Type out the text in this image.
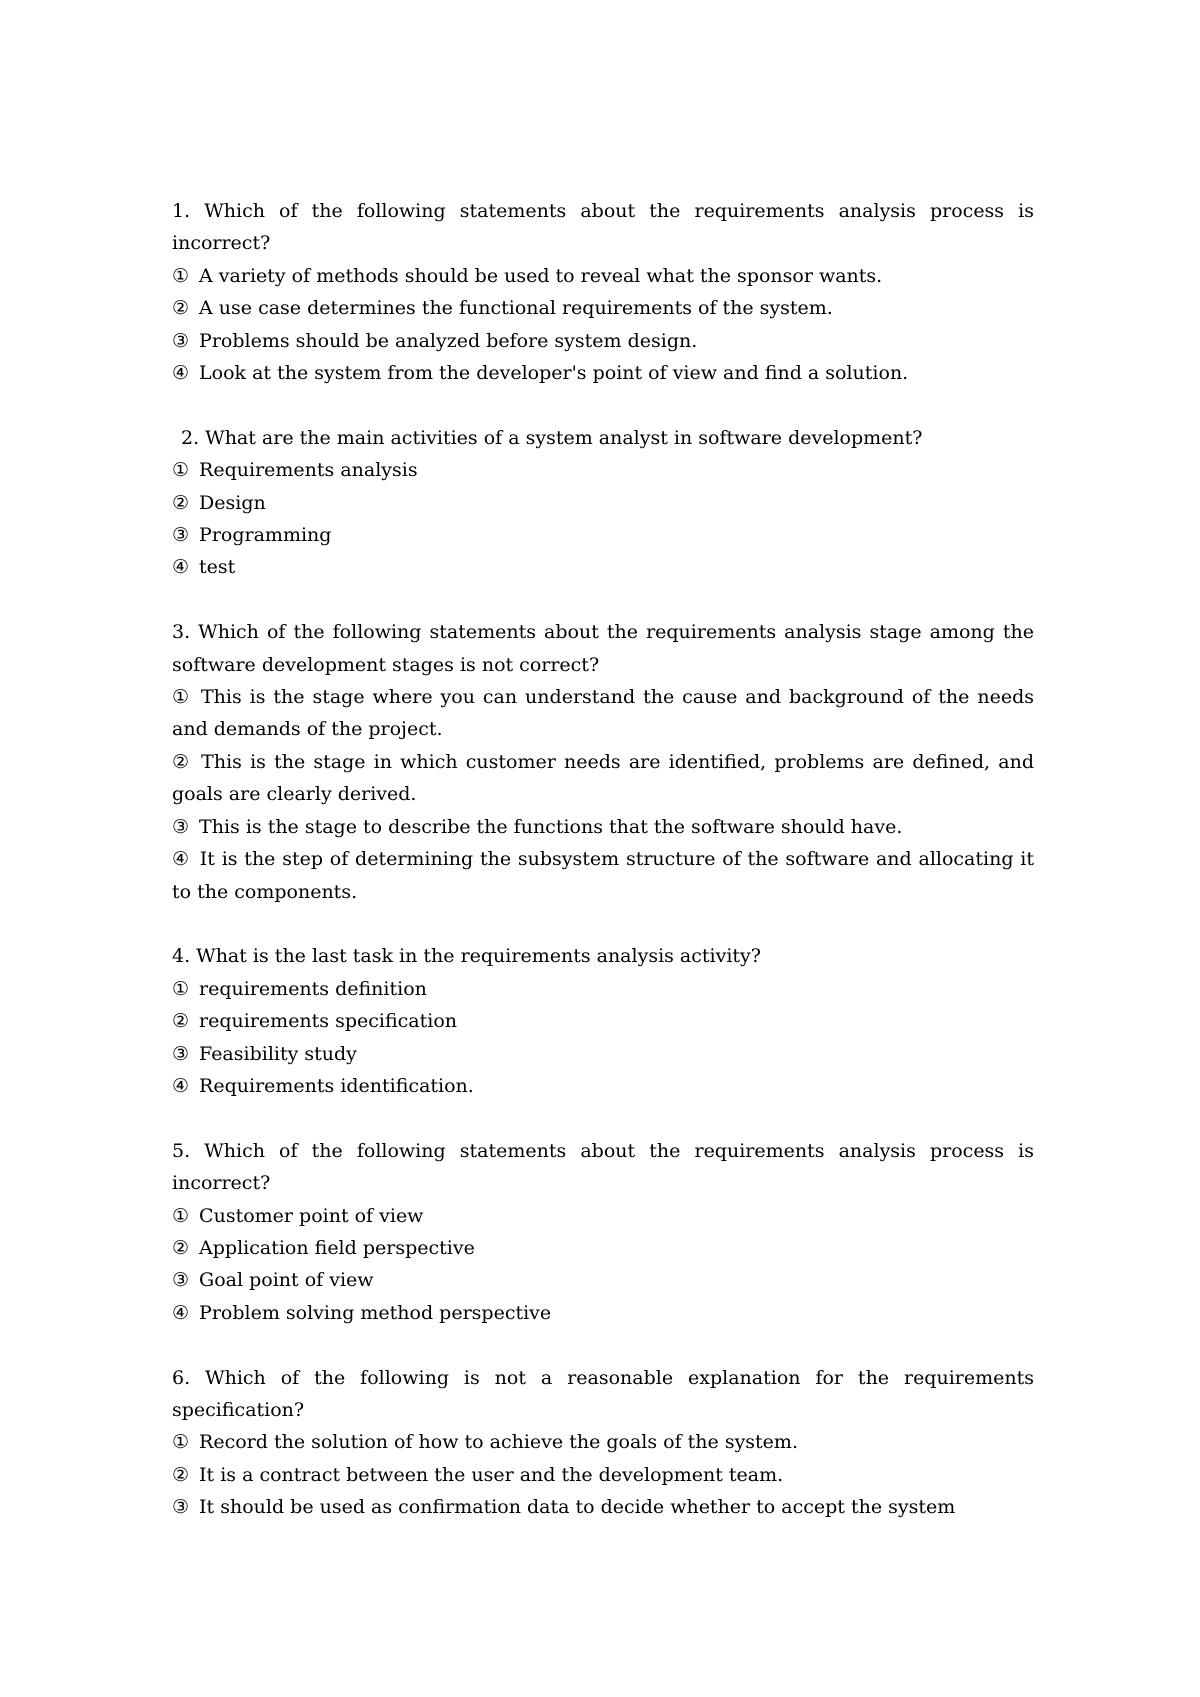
1. Which of the following statements about the requirements analysis process is incorrect?

① A variety of methods should be used to reveal what the sponsor wants.

② A use case determines the functional requirements of the system.

③ Problems should be analyzed before system design.

④ Look at the system from the developer's point of view and find a solution.

2. What are the main activities of a system analyst in software development?

① Requirements analysis

② Design

③ Programming

④ test

3. Which of the following statements about the requirements analysis stage among the software development stages is not correct?

① This is the stage where you can understand the cause and background of the needs and demands of the project.

② This is the stage in which customer needs are identified, problems are defined, and goals are clearly derived.

③ This is the stage to describe the functions that the software should have.

④ It is the step of determining the subsystem structure of the software and allocating it to the components.

4. What is the last task in the requirements analysis activity?

① requirements definition

② requirements specification

③ Feasibility study

④ Requirements identification.

5. Which of the following statements about the requirements analysis process is incorrect?

① Customer point of view

② Application field perspective

③ Goal point of view

④ Problem solving method perspective

6. Which of the following is not a reasonable explanation for the requirements specification?

① Record the solution of how to achieve the goals of the system.

② It is a contract between the user and the development team.

③ It should be used as confirmation data to decide whether to accept the system
